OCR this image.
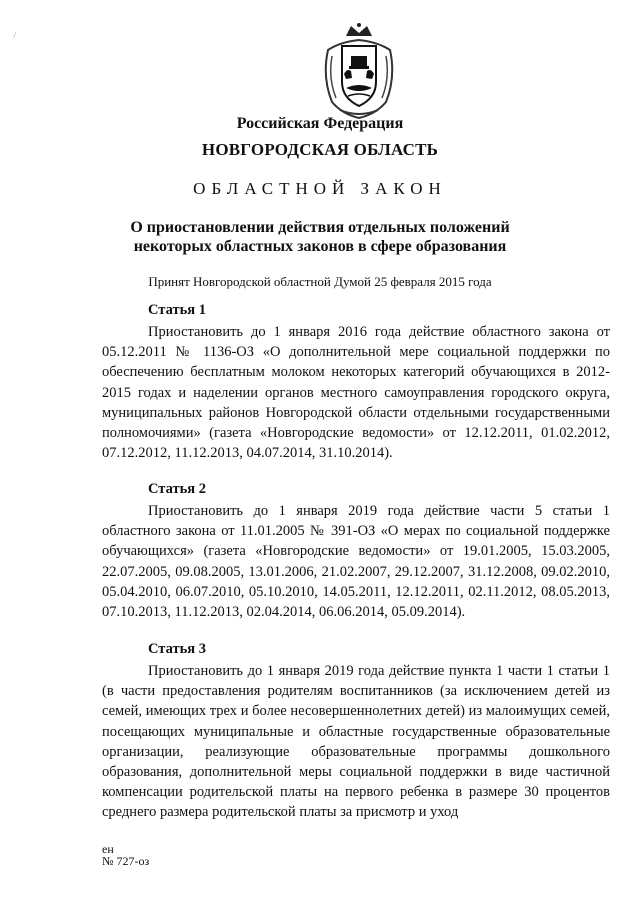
⁄
Российская Федерация
НОВГОРОДСКАЯ ОБЛАСТЬ
ОБЛАСТНОЙ ЗАКОН
О приостановлении действия отдельных положений
некоторых областных законов в сфере образования
Принят Новгородской областной Думой 25 февраля 2015 года
Статья 1

Приостановить до 1 января 2016 года действие областного закона от 05.12.2011 № 1136-ОЗ «О дополнительной мере социальной поддержки по обеспечению бесплатным молоком некоторых категорий обучающихся в 2012-2015 годах и наделении органов местного самоуправления городского округа, муниципальных районов Новгородской области отдельными государственными полномочиями» (газета «Новгородские ведомости» от 12.12.2011, 01.02.2012, 07.12.2012, 11.12.2013, 04.07.2014, 31.10.2014).

Статья 2

Приостановить до 1 января 2019 года действие части 5 статьи 1 областного закона от 11.01.2005 № 391-ОЗ «О мерах по социальной поддержке обучающихся» (газета «Новгородские ведомости» от 19.01.2005, 15.03.2005, 22.07.2005, 09.08.2005, 13.01.2006, 21.02.2007, 29.12.2007, 31.12.2008, 09.02.2010, 05.04.2010, 06.07.2010, 05.10.2010, 14.05.2011, 12.12.2011, 02.11.2012, 08.05.2013, 07.10.2013, 11.12.2013, 02.04.2014, 06.06.2014, 05.09.2014).

Статья 3

Приостановить до 1 января 2019 года действие пункта 1 части 1 статьи 1 (в части предоставления родителям воспитанников (за исключением детей из семей, имеющих трех и более несовершеннолетних детей) из малоимущих семей, посещающих муниципальные и областные государственные образовательные организации, реализующие образовательные программы дошкольного образования, дополнительной меры социальной поддержки в виде частичной компенсации родительской платы на первого ребенка в размере 30 процентов среднего размера родительской платы за присмотр и уход

ен
№ 727-оз
